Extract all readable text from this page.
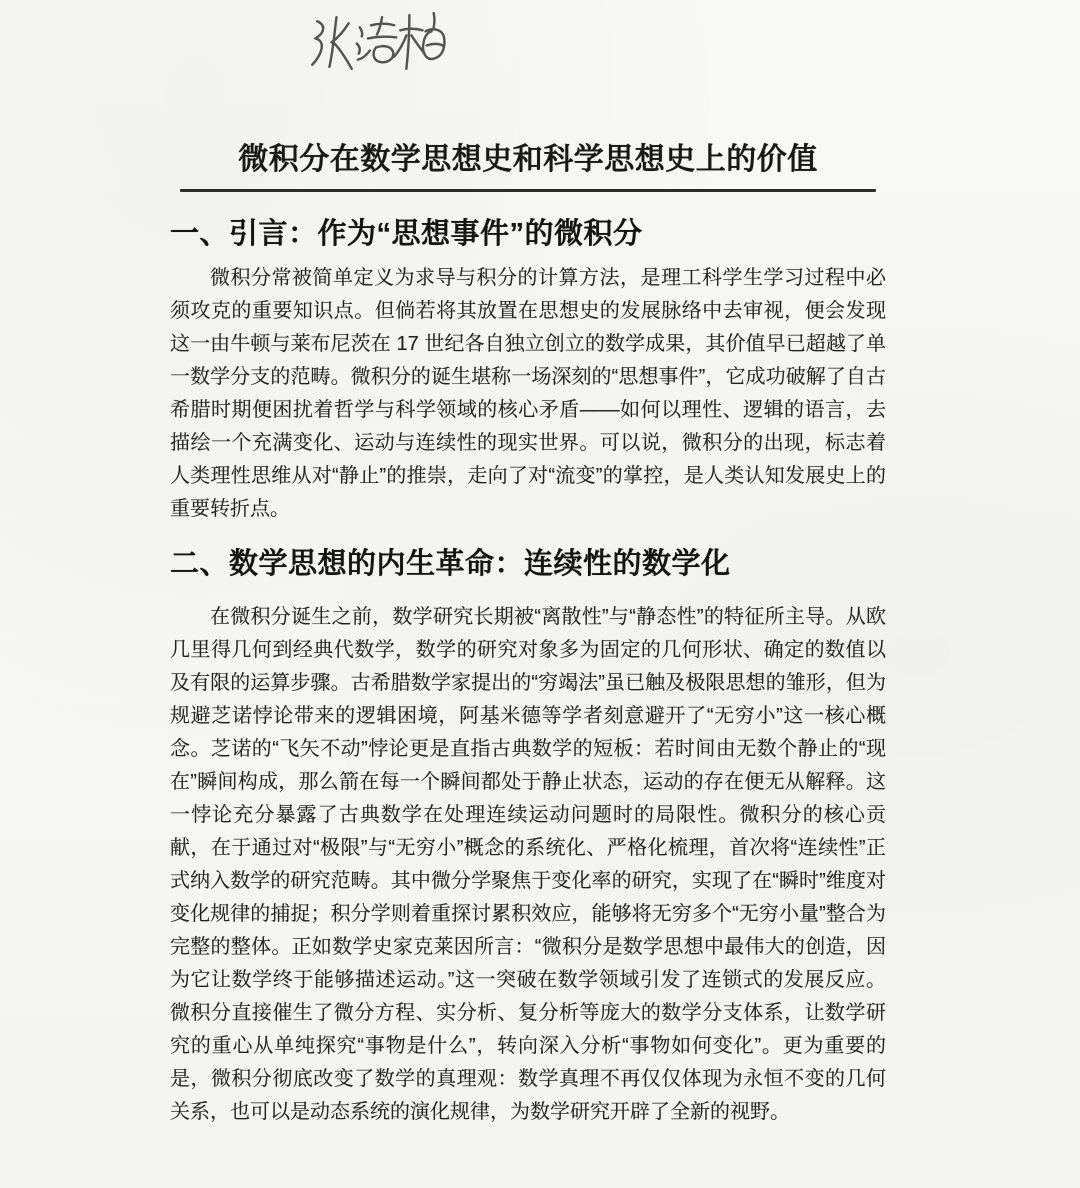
微积分在数学思想史和科学思想史上的价值
一、引言：作为“思想事件”的微积分

微积分常被简单定义为求导与积分的计算方法，是理工科学生学习过程中必须攻克的重要知识点。但倘若将其放置在思想史的发展脉络中去审视，便会发现这一由牛顿与莱布尼茨在 17 世纪各自独立创立的数学成果，其价值早已超越了单一数学分支的范畴。微积分的诞生堪称一场深刻的“思想事件”，它成功破解了自古希腊时期便困扰着哲学与科学领域的核心矛盾——如何以理性、逻辑的语言，去描绘一个充满变化、运动与连续性的现实世界。可以说，微积分的出现，标志着人类理性思维从对“静止”的推崇，走向了对“流变”的掌控，是人类认知发展史上的重要转折点。

二、数学思想的内生革命：连续性的数学化

在微积分诞生之前，数学研究长期被“离散性”与“静态性”的特征所主导。从欧几里得几何到经典代数学，数学的研究对象多为固定的几何形状、确定的数值以及有限的运算步骤。古希腊数学家提出的“穷竭法”虽已触及极限思想的雏形，但为规避芝诺悖论带来的逻辑困境，阿基米德等学者刻意避开了“无穷小”这一核心概念。芝诺的“飞矢不动”悖论更是直指古典数学的短板：若时间由无数个静止的“现在”瞬间构成，那么箭在每一个瞬间都处于静止状态，运动的存在便无从解释。这一悖论充分暴露了古典数学在处理连续运动问题时的局限性。微积分的核心贡献，在于通过对“极限”与“无穷小”概念的系统化、严格化梳理，首次将“连续性”正式纳入数学的研究范畴。其中微分学聚焦于变化率的研究，实现了在“瞬时”维度对变化规律的捕捉；积分学则着重探讨累积效应，能够将无穷多个“无穷小量”整合为完整的整体。正如数学史家克莱因所言：“微积分是数学思想中最伟大的创造，因为它让数学终于能够描述运动。”这一突破在数学领域引发了连锁式的发展反应。微积分直接催生了微分方程、实分析、复分析等庞大的数学分支体系，让数学研究的重心从单纯探究“事物是什么”，转向深入分析“事物如何变化”。更为重要的是，微积分彻底改变了数学的真理观：数学真理不再仅仅体现为永恒不变的几何关系，也可以是动态系统的演化规律，为数学研究开辟了全新的视野。
